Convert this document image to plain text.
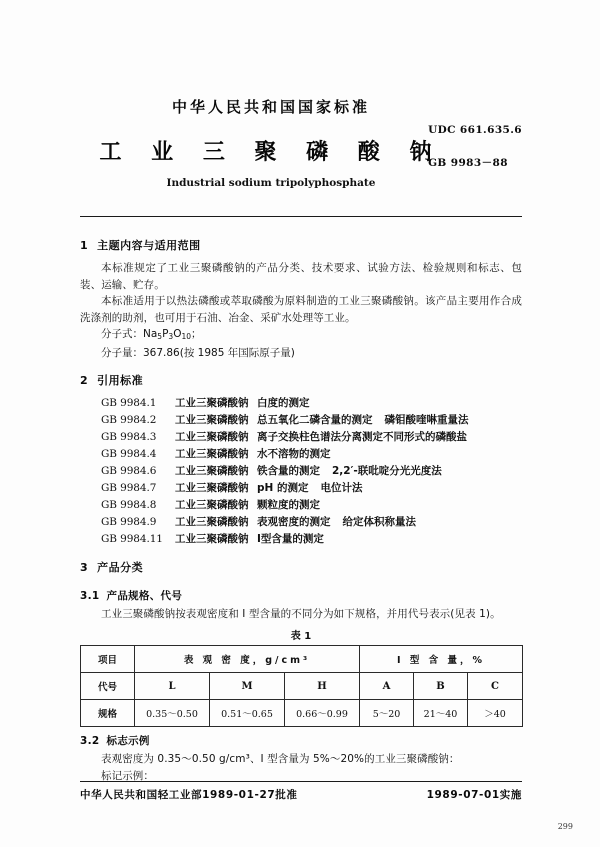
中华人民共和国国家标准
工 业 三 聚 磷 酸 钠
Industrial sodium tripolyphosphate
UDC 661.635.6
GB 9983－88
1 主题内容与适用范围

本标准规定了工业三聚磷酸钠的产品分类、技术要求、试验方法、检验规则和标志、包装、运输、贮存。

本标准适用于以热法磷酸或萃取磷酸为原料制造的工业三聚磷酸钠。该产品主要用作合成洗涤剂的助剂，也可用于石油、冶金、采矿水处理等工业。

分子式：$Na_5P_3O_{10}$；
分子量：367.86(按 1985 年国际原子量)
2 引用标准
GB 9984.1 工业三聚磷酸钠 白度的测定
GB 9984.2 工业三聚磷酸钠 总五氧化二磷含量的测定 磷钼酸喹啉重量法
GB 9984.3 工业三聚磷酸钠 离子交换柱色谱法分离测定不同形式的磷酸盐
GB 9984.4 工业三聚磷酸钠 水不溶物的测定
GB 9984.6 工业三聚磷酸钠 铁含量的测定 2,2′-联吡啶分光光度法
GB 9984.7 工业三聚磷酸钠 pH 的测定 电位计法
GB 9984.8 工业三聚磷酸钠 颗粒度的测定
GB 9984.9 工业三聚磷酸钠 表观密度的测定 给定体积称量法
GB 9984.11 工业三聚磷酸钠 Ⅰ型含量的测定
3 产品分类
3.1 产品规格、代号

工业三聚磷酸钠按表观密度和 I 型含量的不同分为如下规格，并用代号表示(见表 1)。

表 1
项目	表 观 密 度，g/cm³			I 型 含 量，%		
代号	L	M	H	A	B	C
规格	0.35～0.50	0.51～0.65	0.66～0.99	5～20	21～40	＞40
3.2 标志示例

表观密度为 0.35～0.50 g/cm³、I 型含量为 5%～20%的工业三聚磷酸钠：

标记示例：

中华人民共和国轻工业部1989-01-27批准	1989-07-01实施
299
